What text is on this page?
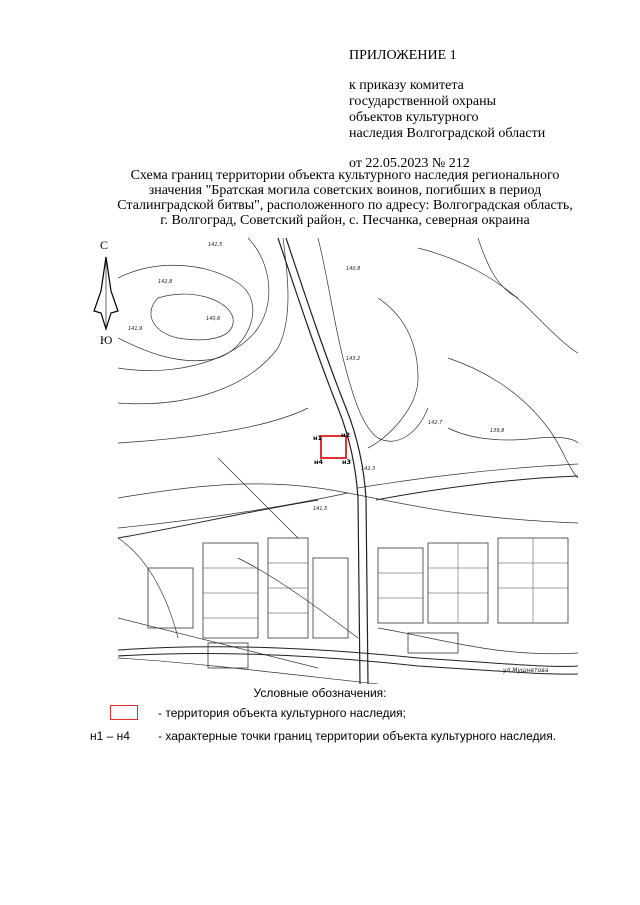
ПРИЛОЖЕНИЕ 1
к приказу комитета
государственной охраны
объектов культурного
наследия Волгоградской области
от 22.05.2023 № 212
Схема границ территории объекта культурного наследия регионального
значения "Братская могила советских воинов, погибших в период
Сталинградской битвы", расположенного по адресу: Волгоградская область,
г. Волгоград, Советский район, с. Песчанка, северная окраина
С
Ю
142,5
142,8
141,9
140,6
140,8
143,2
142,7
139,8
141,5
142,3
н1	н2
н3
н4
ул.Мушнетова
Условные обозначения:
- территория объекта культурного наследия;
н1 – н4 - характерные точки границ территории объекта культурного наследия.
